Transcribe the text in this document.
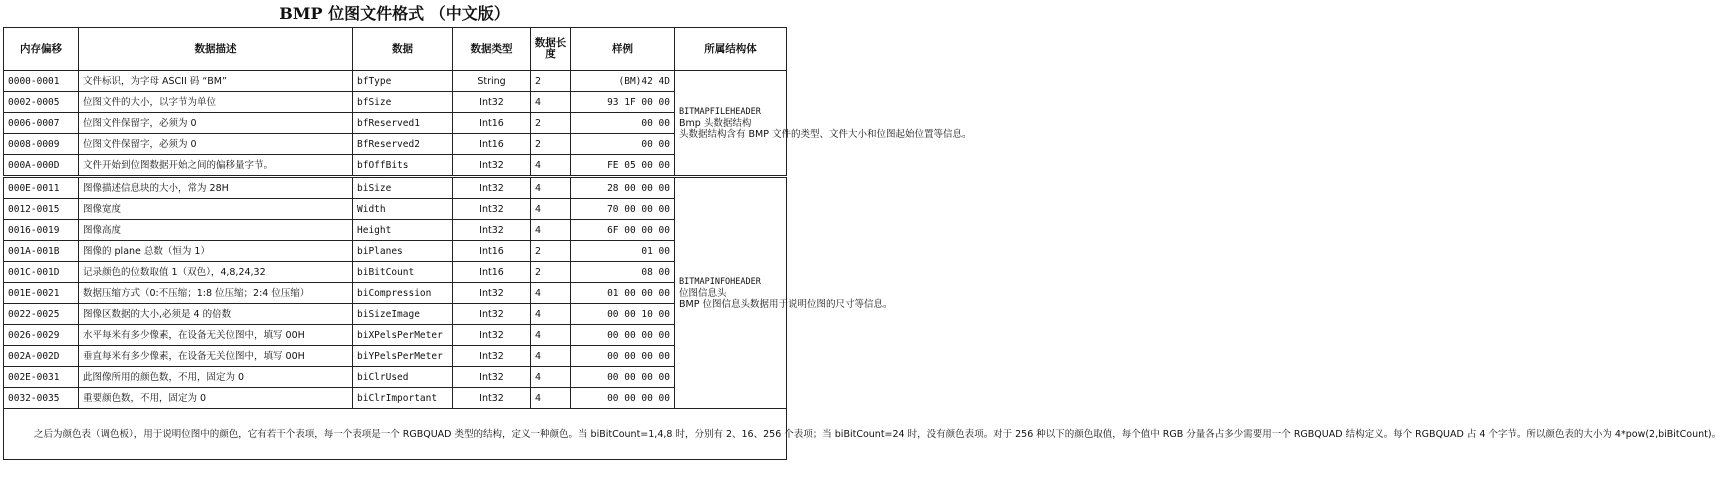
BMP 位图文件格式 （中文版）
内存偏移	数据描述	数据	数据类型	数据长度	样例	所属结构体
0000-0001	文件标识，为字母 ASCII 码 “BM”	bfType	String	2	(BM)42 4D	BITMAPFILEHEADER
Bmp 头数据结构
头数据结构含有 BMP 文件的类型、文件大小和位图起始位置等信息。

0002-0005	位图文件的大小，以字节为单位	bfSize	Int32	4	93 1F 00 00	
0006-0007	位图文件保留字，必须为 0	bfReserved1	Int16	2	00 00	
0008-0009	位图文件保留字，必须为 0	BfReserved2	Int16	2	00 00	
000A-000D	文件开始到位图数据开始之间的偏移量字节。	bfOffBits	Int32	4	FE 05 00 00	
000E-0011	图像描述信息块的大小，常为 28H	biSize	Int32	4	28 00 00 00	BITMAPINFOHEADER
位图信息头
BMP 位图信息头数据用于说明位图的尺寸等信息。

0012-0015	图像宽度	Width	Int32	4	70 00 00 00	
0016-0019	图像高度	Height	Int32	4	6F 00 00 00	
001A-001B	图像的 plane 总数（恒为 1）	biPlanes	Int16	2	01 00	
001C-001D	记录颜色的位数取值 1（双色），4,8,24,32	biBitCount	Int16	2	08 00	
001E-0021	数据压缩方式（0:不压缩；1:8 位压缩；2:4 位压缩）	biCompression	Int32	4	01 00 00 00	
0022-0025	图像区数据的大小,必须是 4 的倍数	biSizeImage	Int32	4	00 00 10 00	
0026-0029	水平每米有多少像素，在设备无关位图中，填写 00H	biXPelsPerMeter	Int32	4	00 00 00 00	
002A-002D	垂直每米有多少像素，在设备无关位图中，填写 00H	biYPelsPerMeter	Int32	4	00 00 00 00	
002E-0031	此图像所用的颜色数，不用，固定为 0	biClrUsed	Int32	4	00 00 00 00	
0032-0035	重要颜色数，不用，固定为 0	biClrImportant	Int32	4	00 00 00 00	
之后为颜色表（调色板），用于说明位图中的颜色，它有若干个表项，每一个表项是一个 RGBQUAD 类型的结构，定义一种颜色。当 biBitCount=1,4,8 时，分别有 2、16、256 个表项；当 biBitCount=24 时，没有颜色表项。对于 256 种以下的颜色取值，每个值中 RGB 分量各占多少需要用一个 RGBQUAD 结构定义。每个 RGBQUAD 占 4 个字节。所以颜色表的大小为 4*pow(2,biBitCount)。						
